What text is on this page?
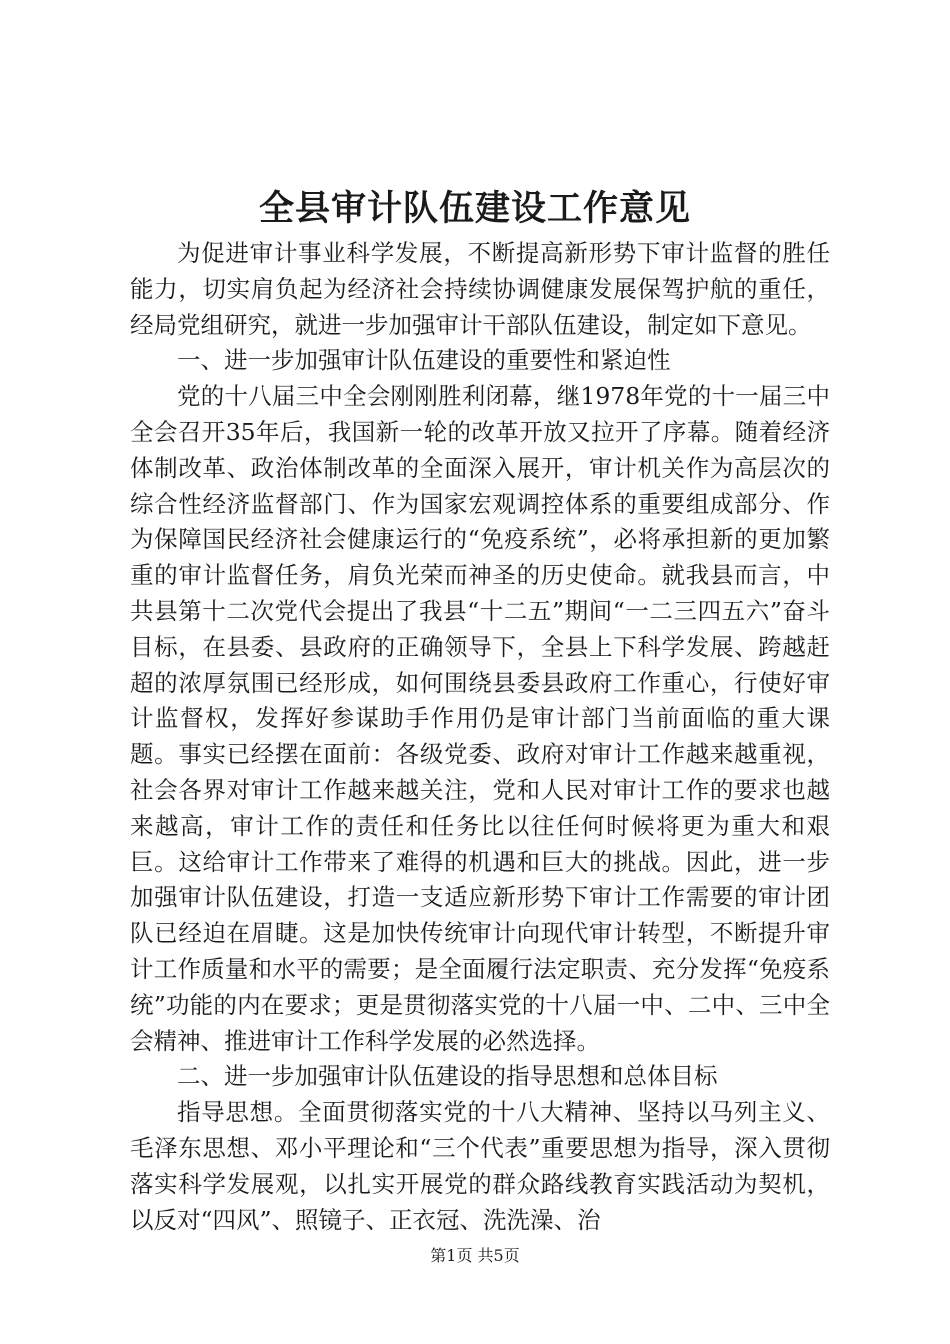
全县审计队伍建设工作意见

为促进审计事业科学发展，不断提高新形势下审计监督的胜任能力，切实肩负起为经济社会持续协调健康发展保驾护航的重任，经局党组研究，就进一步加强审计干部队伍建设，制定如下意见。

一、进一步加强审计队伍建设的重要性和紧迫性

党的十八届三中全会刚刚胜利闭幕，继1978年党的十一届三中全会召开35年后，我国新一轮的改革开放又拉开了序幕。随着经济体制改革、政治体制改革的全面深入展开，审计机关作为高层次的综合性经济监督部门、作为国家宏观调控体系的重要组成部分、作为保障国民经济社会健康运行的“免疫系统”，必将承担新的更加繁重的审计监督任务，肩负光荣而神圣的历史使命。就我县而言，中共县第十二次党代会提出了我县“十二五”期间“一二三四五六”奋斗目标，在县委、县政府的正确领导下，全县上下科学发展、跨越赶超的浓厚氛围已经形成，如何围绕县委县政府工作重心，行使好审计监督权，发挥好参谋助手作用仍是审计部门当前面临的重大课题。事实已经摆在面前：各级党委、政府对审计工作越来越重视，社会各界对审计工作越来越关注，党和人民对审计工作的要求也越来越高，审计工作的责任和任务比以往任何时候将更为重大和艰巨。这给审计工作带来了难得的机遇和巨大的挑战。因此，进一步加强审计队伍建设，打造一支适应新形势下审计工作需要的审计团队已经迫在眉睫。这是加快传统审计向现代审计转型，不断提升审计工作质量和水平的需要；是全面履行法定职责、充分发挥“免疫系统”功能的内在要求；更是贯彻落实党的十八届一中、二中、三中全会精神、推进审计工作科学发展的必然选择。

二、进一步加强审计队伍建设的指导思想和总体目标

指导思想。全面贯彻落实党的十八大精神、坚持以马列主义、毛泽东思想、邓小平理论和“三个代表”重要思想为指导，深入贯彻落实科学发展观，以扎实开展党的群众路线教育实践活动为契机，以反对“四风”、照镜子、正衣冠、洗洗澡、治

第1页 共5页
